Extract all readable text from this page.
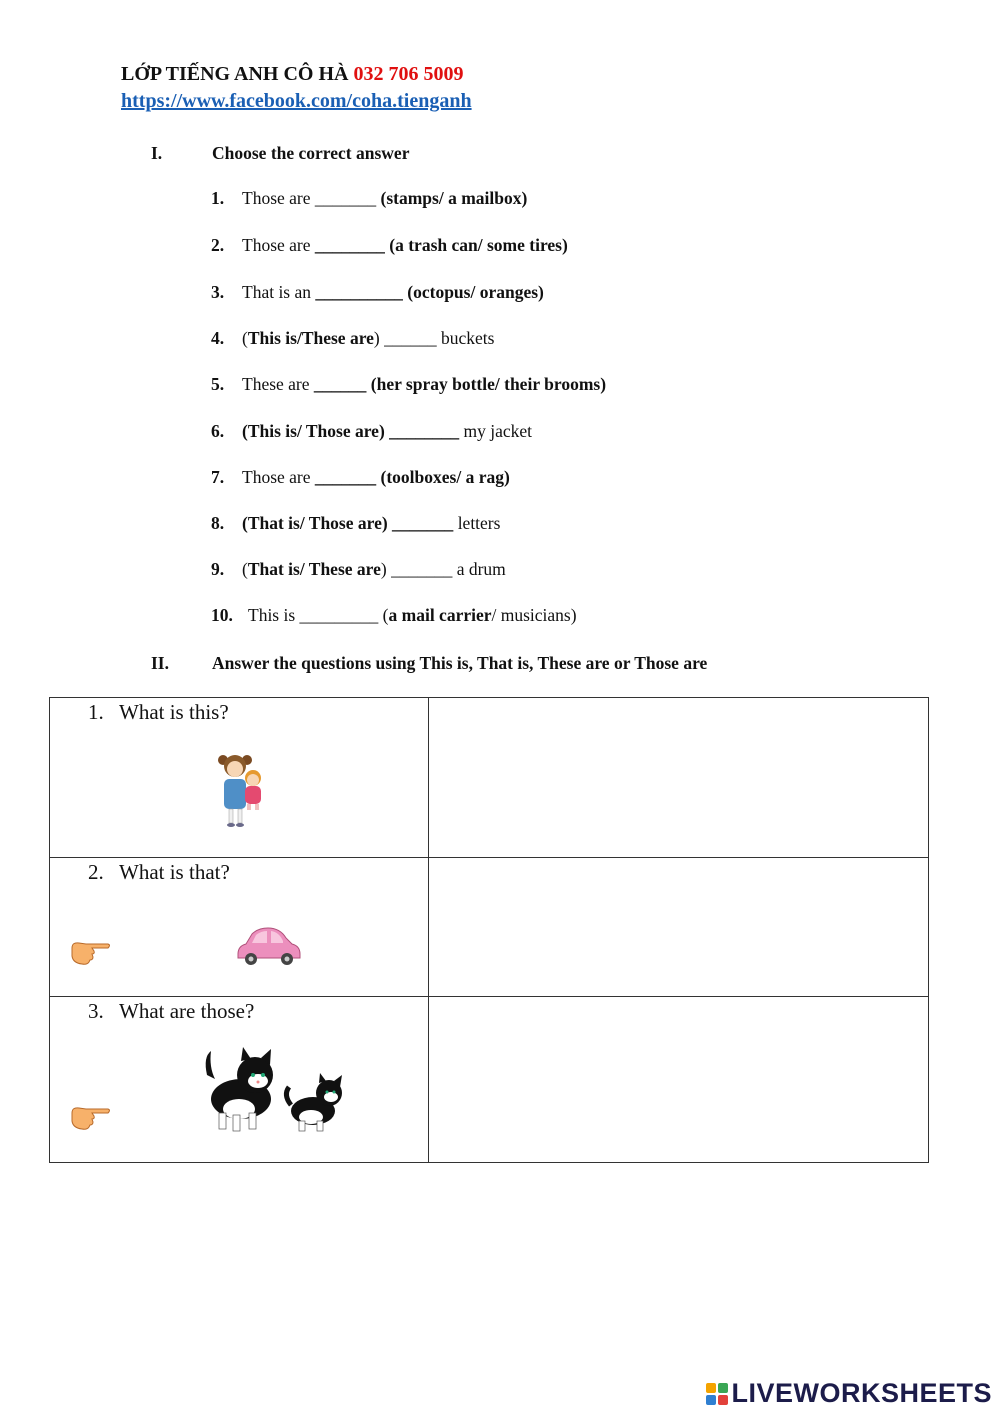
LỚP TIẾNG ANH CÔ HÀ 032 706 5009
https://www.facebook.com/coha.tienganh
I.	Choose the correct answer
1. Those are _______ (stamps/ a mailbox)
2. Those are ________ (a trash can/ some tires)
3. That is an __________ (octopus/ oranges)
4. (This is/These are) ______ buckets
5. These are ______ (her spray bottle/ their brooms)
6. (This is/ Those are) ________ my jacket
7. Those are _______ (toolboxes/ a rag)
8. (That is/ Those are) _______ letters
9. (That is/ These are) _______ a drum
10. This is _________ (a mail carrier/ musicians)
II. Answer the questions using This is, That is, These are or Those are
1. What is this?

2. What is that?

3. What are those?

LIVEWORKSHEETS
